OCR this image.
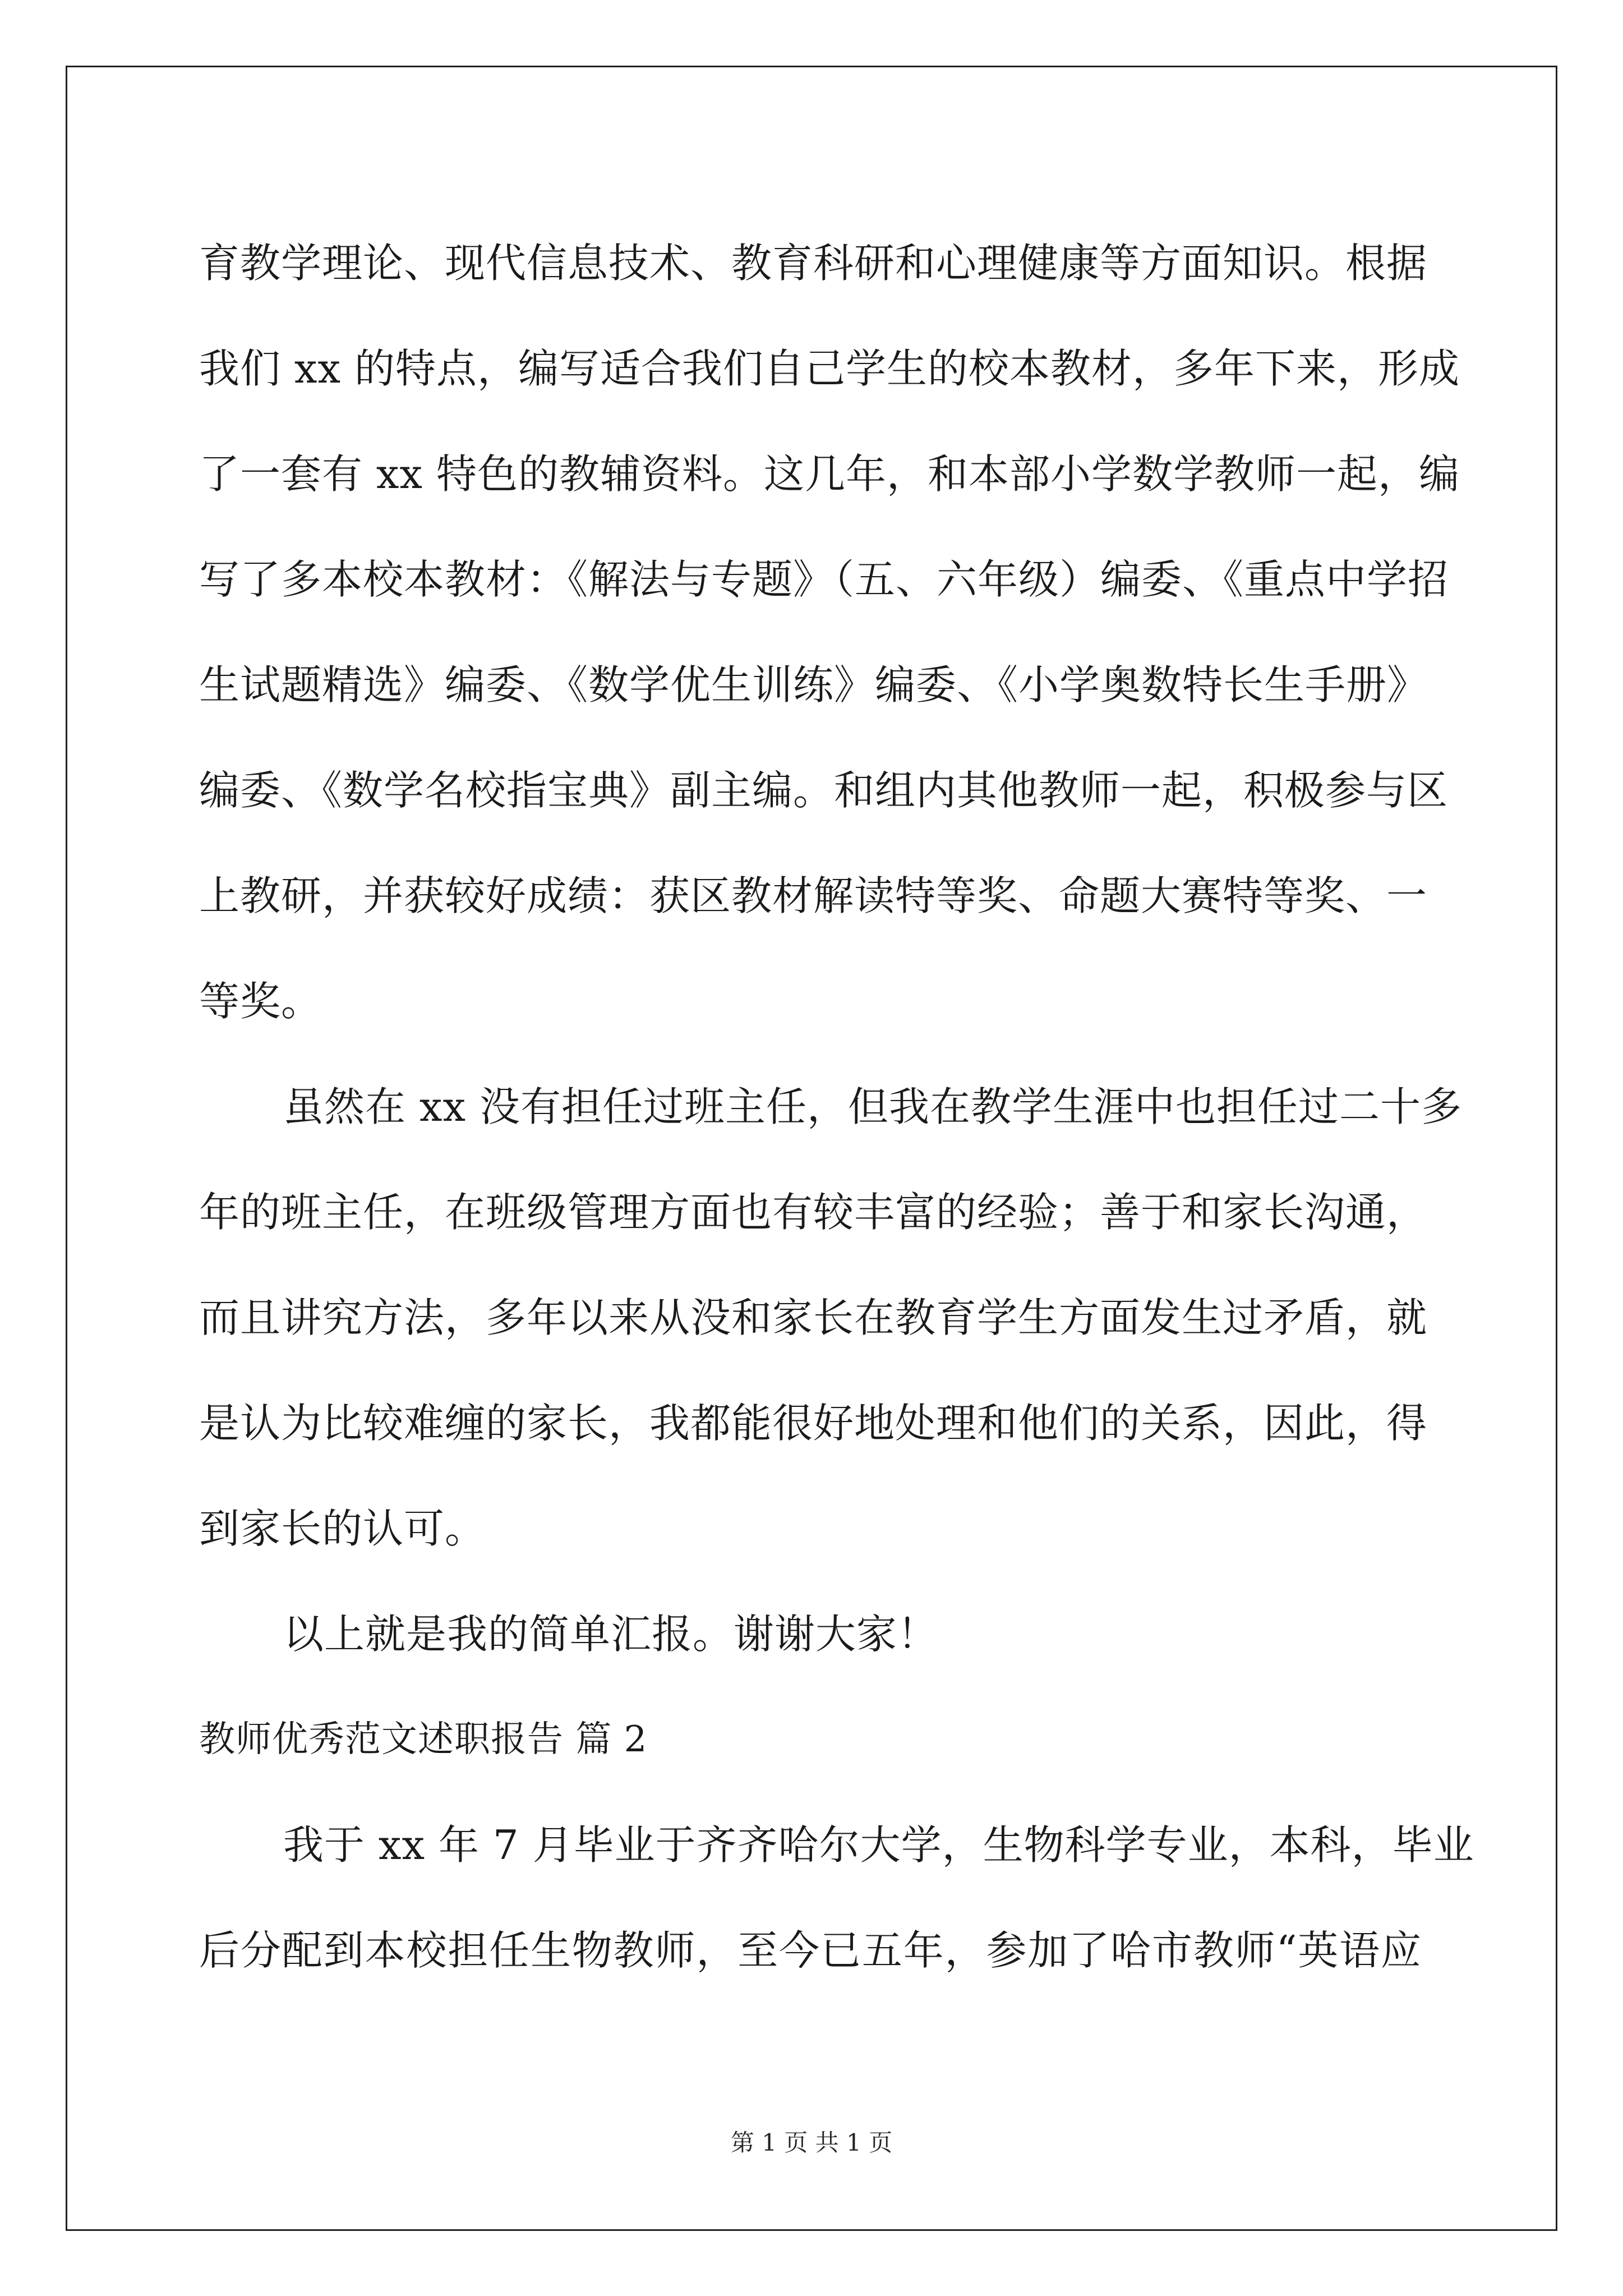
育教学理论、现代信息技术、教育科研和心理健康等方面知识。根据
我们 xx 的特点，编写适合我们自己学生的校本教材，多年下来，形成
了一套有 xx 特色的教辅资料。这几年，和本部小学数学教师一起，编
写了多本校本教材：《解法与专题》（五、六年级）编委、《重点中学招
生试题精选》编委、《数学优生训练》编委、《小学奥数特长生手册》
编委、《数学名校指宝典》副主编。和组内其他教师一起，积极参与区
上教研，并获较好成绩：获区教材解读特等奖、命题大赛特等奖、一
等奖。
虽然在 xx 没有担任过班主任，但我在教学生涯中也担任过二十多
年的班主任，在班级管理方面也有较丰富的经验；善于和家长沟通，
而且讲究方法，多年以来从没和家长在教育学生方面发生过矛盾，就
是认为比较难缠的家长，我都能很好地处理和他们的关系，因此，得
到家长的认可。
以上就是我的简单汇报。谢谢大家！
教师优秀范文述职报告 篇 2
我于 xx 年 7 月毕业于齐齐哈尔大学，生物科学专业，本科，毕业
后分配到本校担任生物教师，至今已五年，参加了哈市教师“英语应
第 1 页 共 1 页
